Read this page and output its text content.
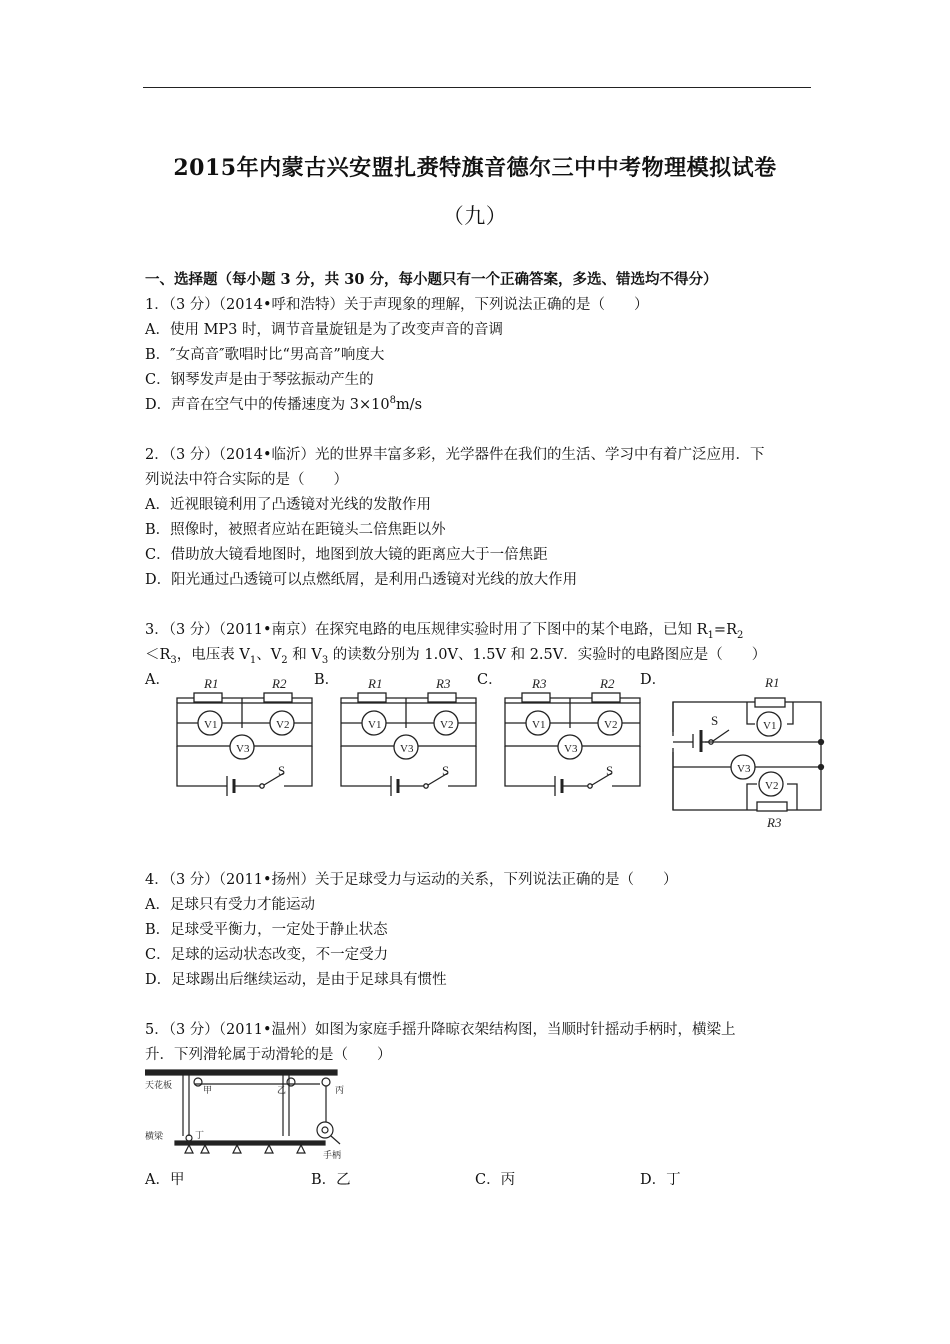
2015年内蒙古兴安盟扎赉特旗音德尔三中中考物理模拟试卷
（九）
一、选择题（每小题 3 分，共 30 分，每小题只有一个正确答案，多选、错选均不得分）
1．（3 分）（2014•呼和浩特）关于声现象的理解，下列说法正确的是（　　）
A．使用 MP3 时，调节音量旋钮是为了改变声音的音调
B．″女高音″歌唱时比“男高音”响度大
C．钢琴发声是由于琴弦振动产生的
D．声音在空气中的传播速度为 $3\times 10^8m/s$
2．（3 分）（2014•临沂）光的世界丰富多彩，光学器件在我们的生活、学习中有着广泛应用．下
列说法中符合实际的是（　　）
A．近视眼镜利用了凸透镜对光线的发散作用
B．照像时，被照者应站在距镜头二倍焦距以外
C．借助放大镜看地图时，地图到放大镜的距离应大于一倍焦距
D．阳光通过凸透镜可以点燃纸屑，是利用凸透镜对光线的放大作用
3．（3 分）（2011•南京）在探究电路的电压规律实验时用了下图中的某个电路，已知 $R_1=R_2$
$<R_3$，电压表 $V_1$、$V_2$ 和 $V_3$ 的读数分别为 1.0V、1.5V 和 2.5V．实验时的电路图应是（　　）
A．	B．	C．	D．
R1	R2
V1	V2
V3
S
R1	R3
V1	V2
V3
S
R3	R2
V1	V2
V3
S
R1
R3
S	V1
V2
V3
4．（3 分）（2011•扬州）关于足球受力与运动的关系，下列说法正确的是（　　）
A．足球只有受力才能运动
B．足球受平衡力，一定处于静止状态
C．足球的运动状态改变，不一定受力
D．足球踢出后继续运动，是由于足球具有惯性
5．（3 分）（2011•温州）如图为家庭手摇升降晾衣架结构图，当顺时针摇动手柄时，横梁上
升．下列滑轮属于动滑轮的是（　　）
天花板
横梁
手柄
甲	乙	丙
丁
A．甲	B．乙	C．丙	D．丁
